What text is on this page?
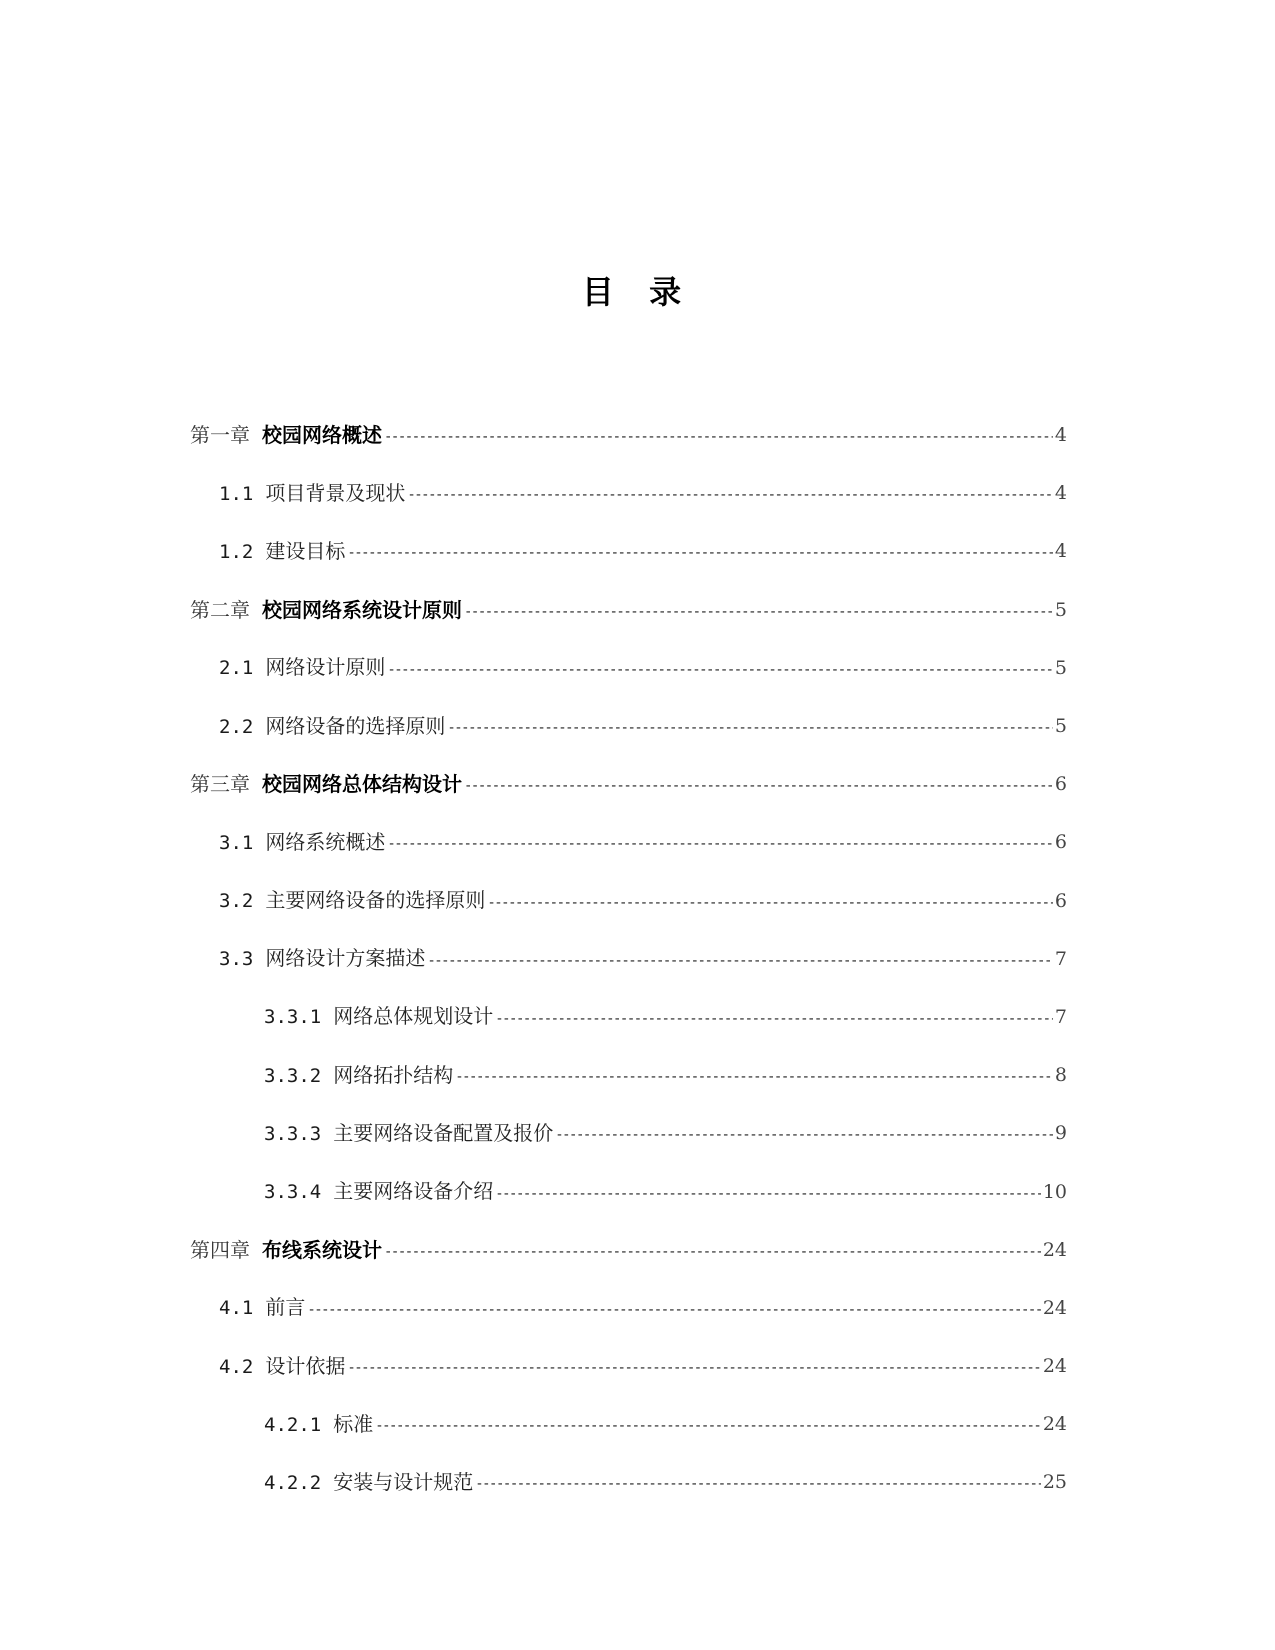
目 录
第一章 校园网络概述 -----	4
1.1 项目背景及现状 -----	4
1.2 建设目标 -----	4
第二章 校园网络系统设计原则 -----	5
2.1 网络设计原则 -----	5
2.2 网络设备的选择原则 -----	5
第三章 校园网络总体结构设计 -----	6
3.1 网络系统概述 -----	6
3.2 主要网络设备的选择原则 -----	6
3.3 网络设计方案描述 -----	7
3.3.1 网络总体规划设计 -----	7
3.3.2 网络拓扑结构 -----	8
3.3.3 主要网络设备配置及报价 -----	9
3.3.4 主要网络设备介绍 -----	10
第四章 布线系统设计 -----	24
4.1 前言 -----	24
4.2 设计依据 -----	24
4.2.1 标准 -----	24
4.2.2 安装与设计规范 -----	25
